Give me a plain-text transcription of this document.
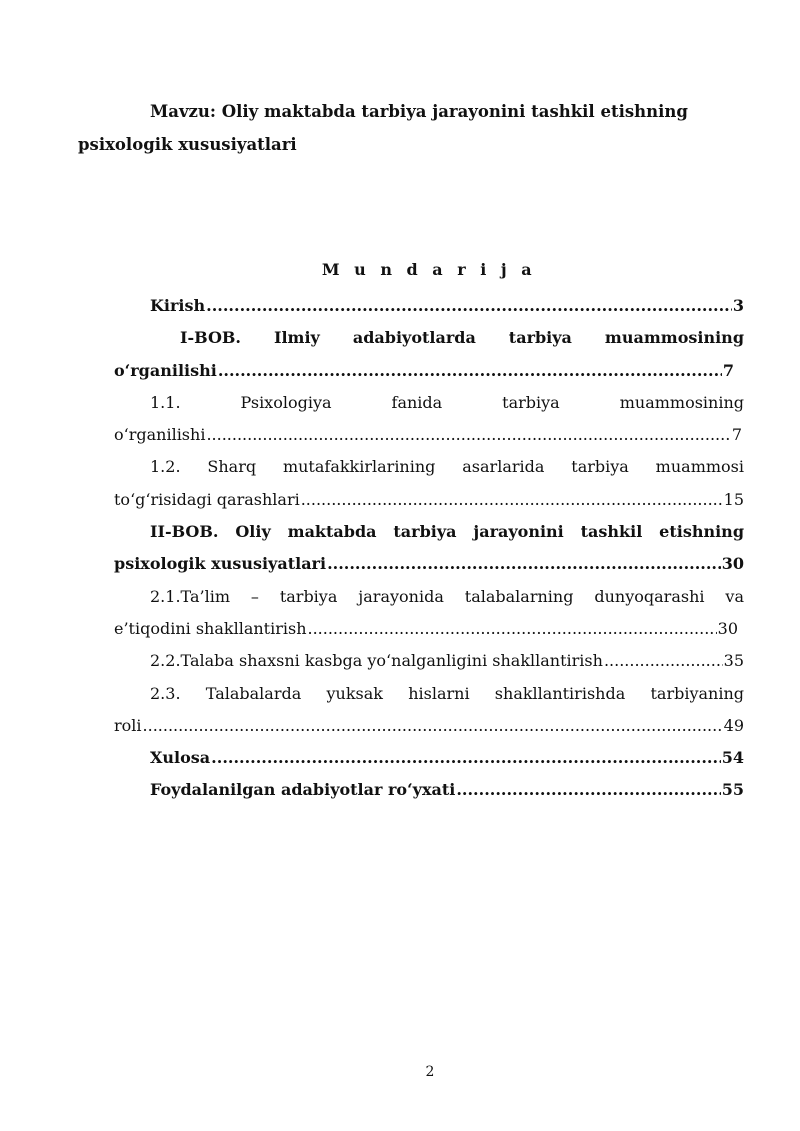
Mavzu: Oliy maktabda tarbiya jarayonini tashkil etishning
psixologik xususiyatlari
M u n d a r i j a
Kirish .....	3
I-BOB. Ilmiy adabiyotlarda tarbiya muammosining
o‘rganilishi .....	7
1.1. Psixologiya fanida tarbiya muammosining
o‘rganilishi .....	7
1.2. Sharq mutafakkirlarining asarlarida tarbiya muammosi
to‘g‘risidagi qarashlari .....	15
II-BOB. Oliy maktabda tarbiya jarayonini tashkil etishning
psixologik xususiyatlari .....	30
2.1.Ta’lim – tarbiya jarayonida talabalarning dunyoqarashi va
e’tiqodini shakllantirish .....	30
2.2.Talaba shaxsni kasbga yo‘nalganligini shakllantirish .....	35
2.3. Talabalarda yuksak hislarni shakllantirishda tarbiyaning
roli .....	49
Xulosa .....	54
Foydalanilgan adabiyotlar ro‘yxati .....	55
2
